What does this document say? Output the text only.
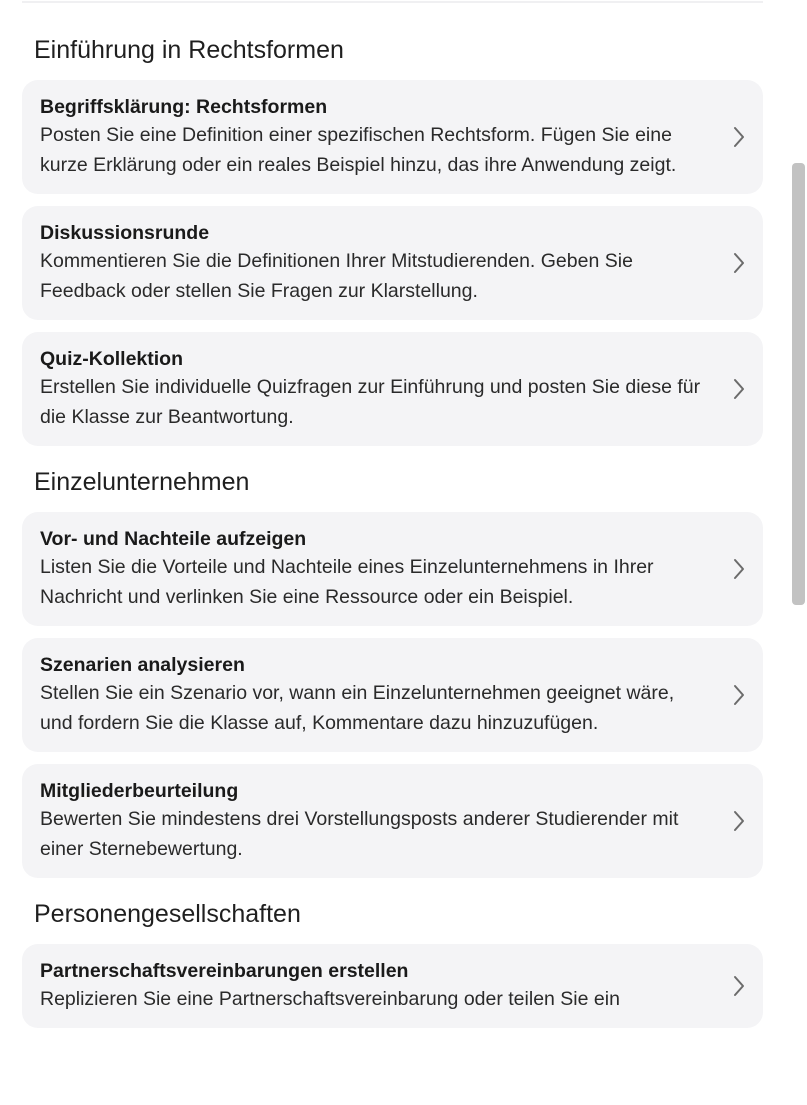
Einführung in Rechtsformen
Begriffsklärung: Rechtsformen
Posten Sie eine Definition einer spezifischen Rechtsform. Fügen Sie eine kurze Erklärung oder ein reales Beispiel hinzu, das ihre Anwendung zeigt.
Diskussionsrunde
Kommentieren Sie die Definitionen Ihrer Mitstudierenden. Geben Sie Feedback oder stellen Sie Fragen zur Klarstellung.
Quiz-Kollektion
Erstellen Sie individuelle Quizfragen zur Einführung und posten Sie diese für die Klasse zur Beantwortung.
Einzelunternehmen
Vor- und Nachteile aufzeigen
Listen Sie die Vorteile und Nachteile eines Einzelunternehmens in Ihrer Nachricht und verlinken Sie eine Ressource oder ein Beispiel.
Szenarien analysieren
Stellen Sie ein Szenario vor, wann ein Einzelunternehmen geeignet wäre, und fordern Sie die Klasse auf, Kommentare dazu hinzuzufügen.
Mitgliederbeurteilung
Bewerten Sie mindestens drei Vorstellungsposts anderer Studierender mit einer Sternebewertung.
Personengesellschaften
Partnerschaftsvereinbarungen erstellen
Replizieren Sie eine Partnerschaftsvereinbarung oder teilen Sie ein
